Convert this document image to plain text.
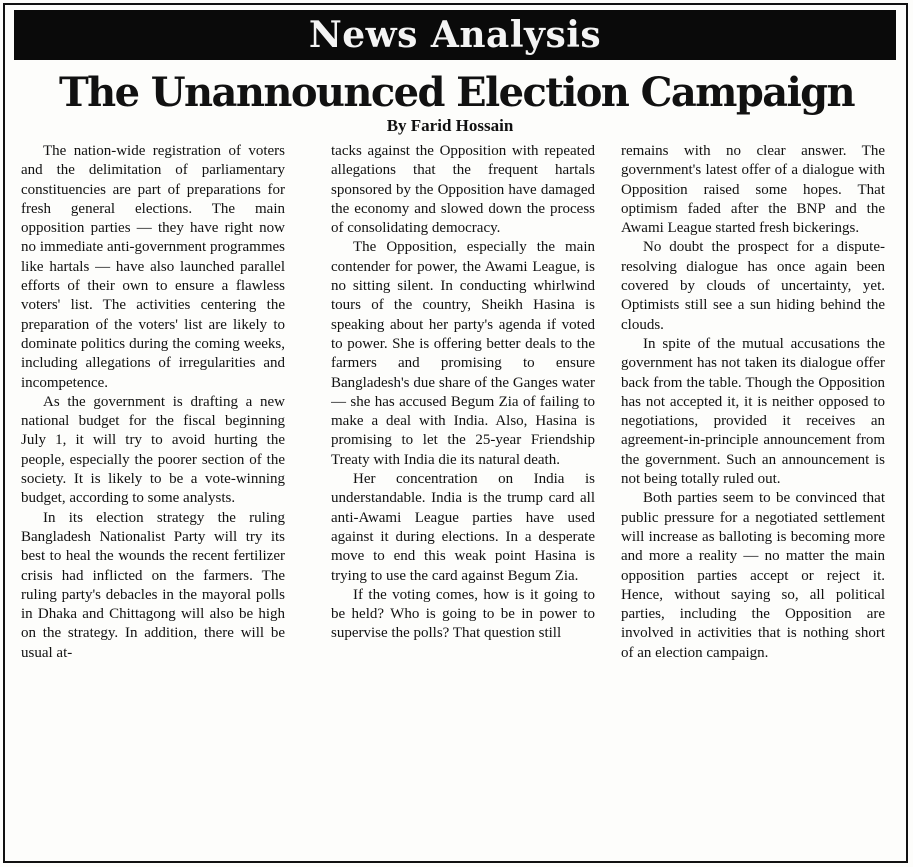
News Analysis
The Unannounced Election Campaign
By Farid Hossain

The nation-wide registration of voters and the delimitation of parliamentary constituencies are part of preparations for fresh general elections. The main opposition parties — they have right now no immediate anti-government programmes like hartals — have also launched parallel efforts of their own to ensure a flawless voters' list. The activities centering the preparation of the voters' list are likely to dominate politics during the coming weeks, including allegations of irregularities and incompetence.

As the government is drafting a new national budget for the fiscal beginning July 1, it will try to avoid hurting the people, especially the poorer section of the society. It is likely to be a vote-winning budget, according to some analysts.

In its election strategy the ruling Bangladesh Nationalist Party will try its best to heal the wounds the recent fertilizer crisis had inflicted on the farmers. The ruling party's debacles in the mayoral polls in Dhaka and Chittagong will also be high on the strategy. In addition, there will be usual at-

tacks against the Opposition with repeated allegations that the frequent hartals sponsored by the Opposition have damaged the economy and slowed down the process of consolidating democracy.

The Opposition, especially the main contender for power, the Awami League, is no sitting silent. In conducting whirlwind tours of the country, Sheikh Hasina is speaking about her party's agenda if voted to power. She is offering better deals to the farmers and promising to ensure Bangladesh's due share of the Ganges water — she has accused Begum Zia of failing to make a deal with India. Also, Hasina is promising to let the 25-year Friendship Treaty with India die its natural death.

Her concentration on India is understandable. India is the trump card all anti-Awami League parties have used against it during elections. In a desperate move to end this weak point Hasina is trying to use the card against Begum Zia.

If the voting comes, how is it going to be held? Who is going to be in power to supervise the polls? That question still

remains with no clear answer. The government's latest offer of a dialogue with Opposition raised some hopes. That optimism faded after the BNP and the Awami League started fresh bickerings.

No doubt the prospect for a dispute-resolving dialogue has once again been covered by clouds of uncertainty, yet. Optimists still see a sun hiding behind the clouds.

In spite of the mutual accusations the government has not taken its dialogue offer back from the table. Though the Opposition has not accepted it, it is neither opposed to negotiations, provided it receives an agreement-in-principle announcement from the government. Such an announcement is not being totally ruled out.

Both parties seem to be convinced that public pressure for a negotiated settlement will increase as balloting is becoming more and more a reality — no matter the main opposition parties accept or reject it. Hence, without saying so, all political parties, including the Opposition are involved in activities that is nothing short of an election campaign.
